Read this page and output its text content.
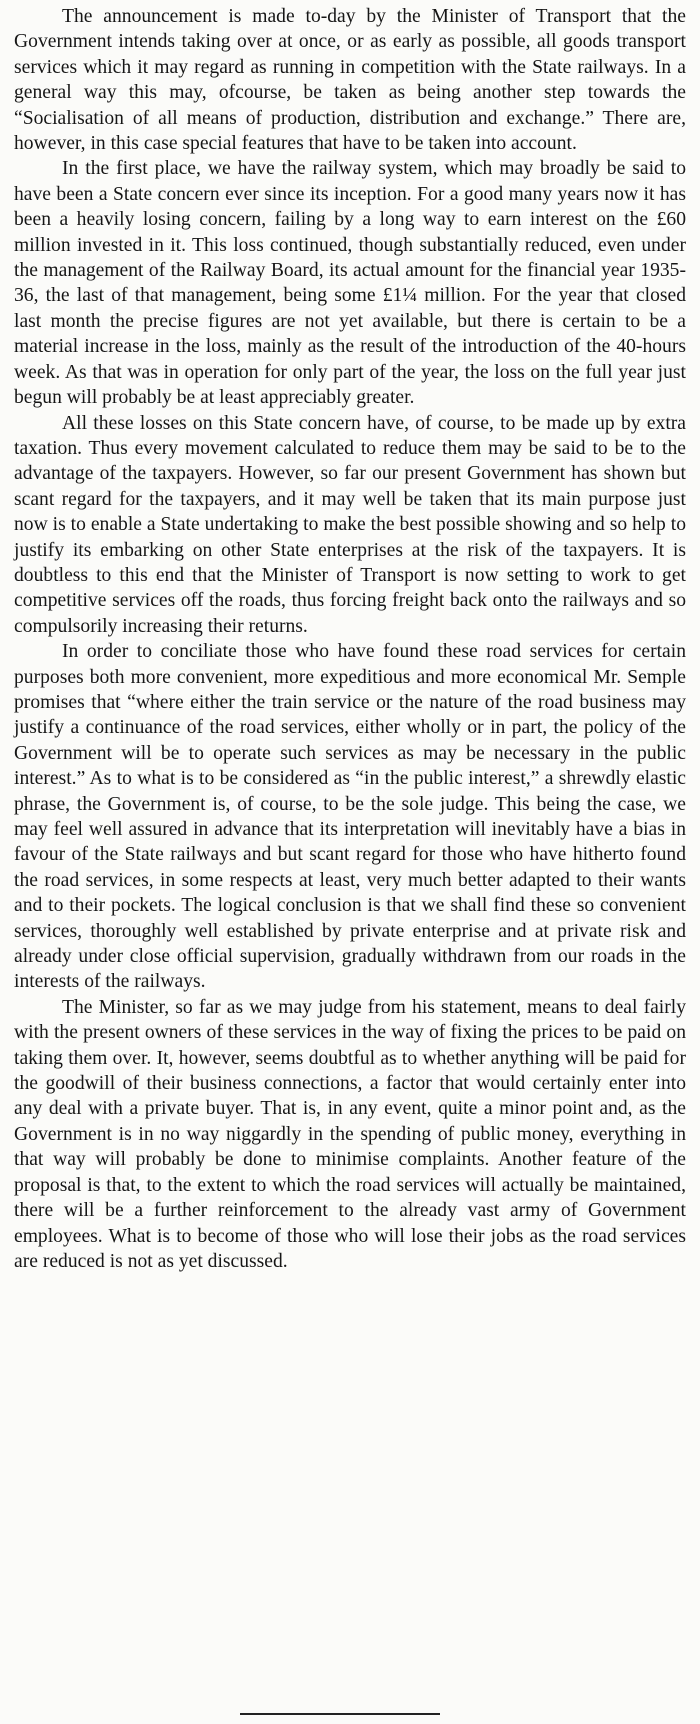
The announcement is made to-day by the Minister of Transport that the Government intends taking over at once, or as early as possible, all goods transport services which it may regard as running in competition with the State railways. In a general way this may, ofcourse, be taken as being another step towards the “Socialisation of all means of production, distribution and exchange.” There are, however, in this case special features that have to be taken into account.

In the first place, we have the railway system, which may broadly be said to have been a State concern ever since its inception. For a good many years now it has been a heavily losing concern, failing by a long way to earn interest on the £60 million invested in it. This loss continued, though substantially reduced, even under the management of the Railway Board, its actual amount for the financial year 1935-36, the last of that management, being some £1¼ million. For the year that closed last month the precise figures are not yet available, but there is certain to be a material increase in the loss, mainly as the result of the introduction of the 40-hours week. As that was in operation for only part of the year, the loss on the full year just begun will probably be at least appreciably greater.

All these losses on this State concern have, of course, to be made up by extra taxation. Thus every movement calculated to reduce them may be said to be to the advantage of the taxpayers. However, so far our present Government has shown but scant regard for the taxpayers, and it may well be taken that its main purpose just now is to enable a State undertaking to make the best possible showing and so help to justify its embarking on other State enterprises at the risk of the taxpayers. It is doubtless to this end that the Minister of Transport is now setting to work to get competitive services off the roads, thus forcing freight back onto the railways and so compulsorily increasing their returns.

In order to conciliate those who have found these road services for certain purposes both more convenient, more expeditious and more economical Mr. Semple promises that “where either the train service or the nature of the road business may justify a continuance of the road services, either wholly or in part, the policy of the Government will be to operate such services as may be necessary in the public interest.” As to what is to be considered as “in the public interest,” a shrewdly elastic phrase, the Government is, of course, to be the sole judge. This being the case, we may feel well assured in advance that its interpretation will inevitably have a bias in favour of the State railways and but scant regard for those who have hitherto found the road services, in some respects at least, very much better adapted to their wants and to their pockets. The logical conclusion is that we shall find these so convenient services, thoroughly well established by private enterprise and at private risk and already under close official supervision, gradually withdrawn from our roads in the interests of the railways.

The Minister, so far as we may judge from his statement, means to deal fairly with the present owners of these services in the way of fixing the prices to be paid on taking them over. It, however, seems doubtful as to whether anything will be paid for the goodwill of their business connections, a factor that would certainly enter into any deal with a private buyer. That is, in any event, quite a minor point and, as the Government is in no way niggardly in the spending of public money, everything in that way will probably be done to minimise complaints. Another feature of the proposal is that, to the extent to which the road services will actually be maintained, there will be a further reinforcement to the already vast army of Government employees. What is to become of those who will lose their jobs as the road services are reduced is not as yet discussed.
